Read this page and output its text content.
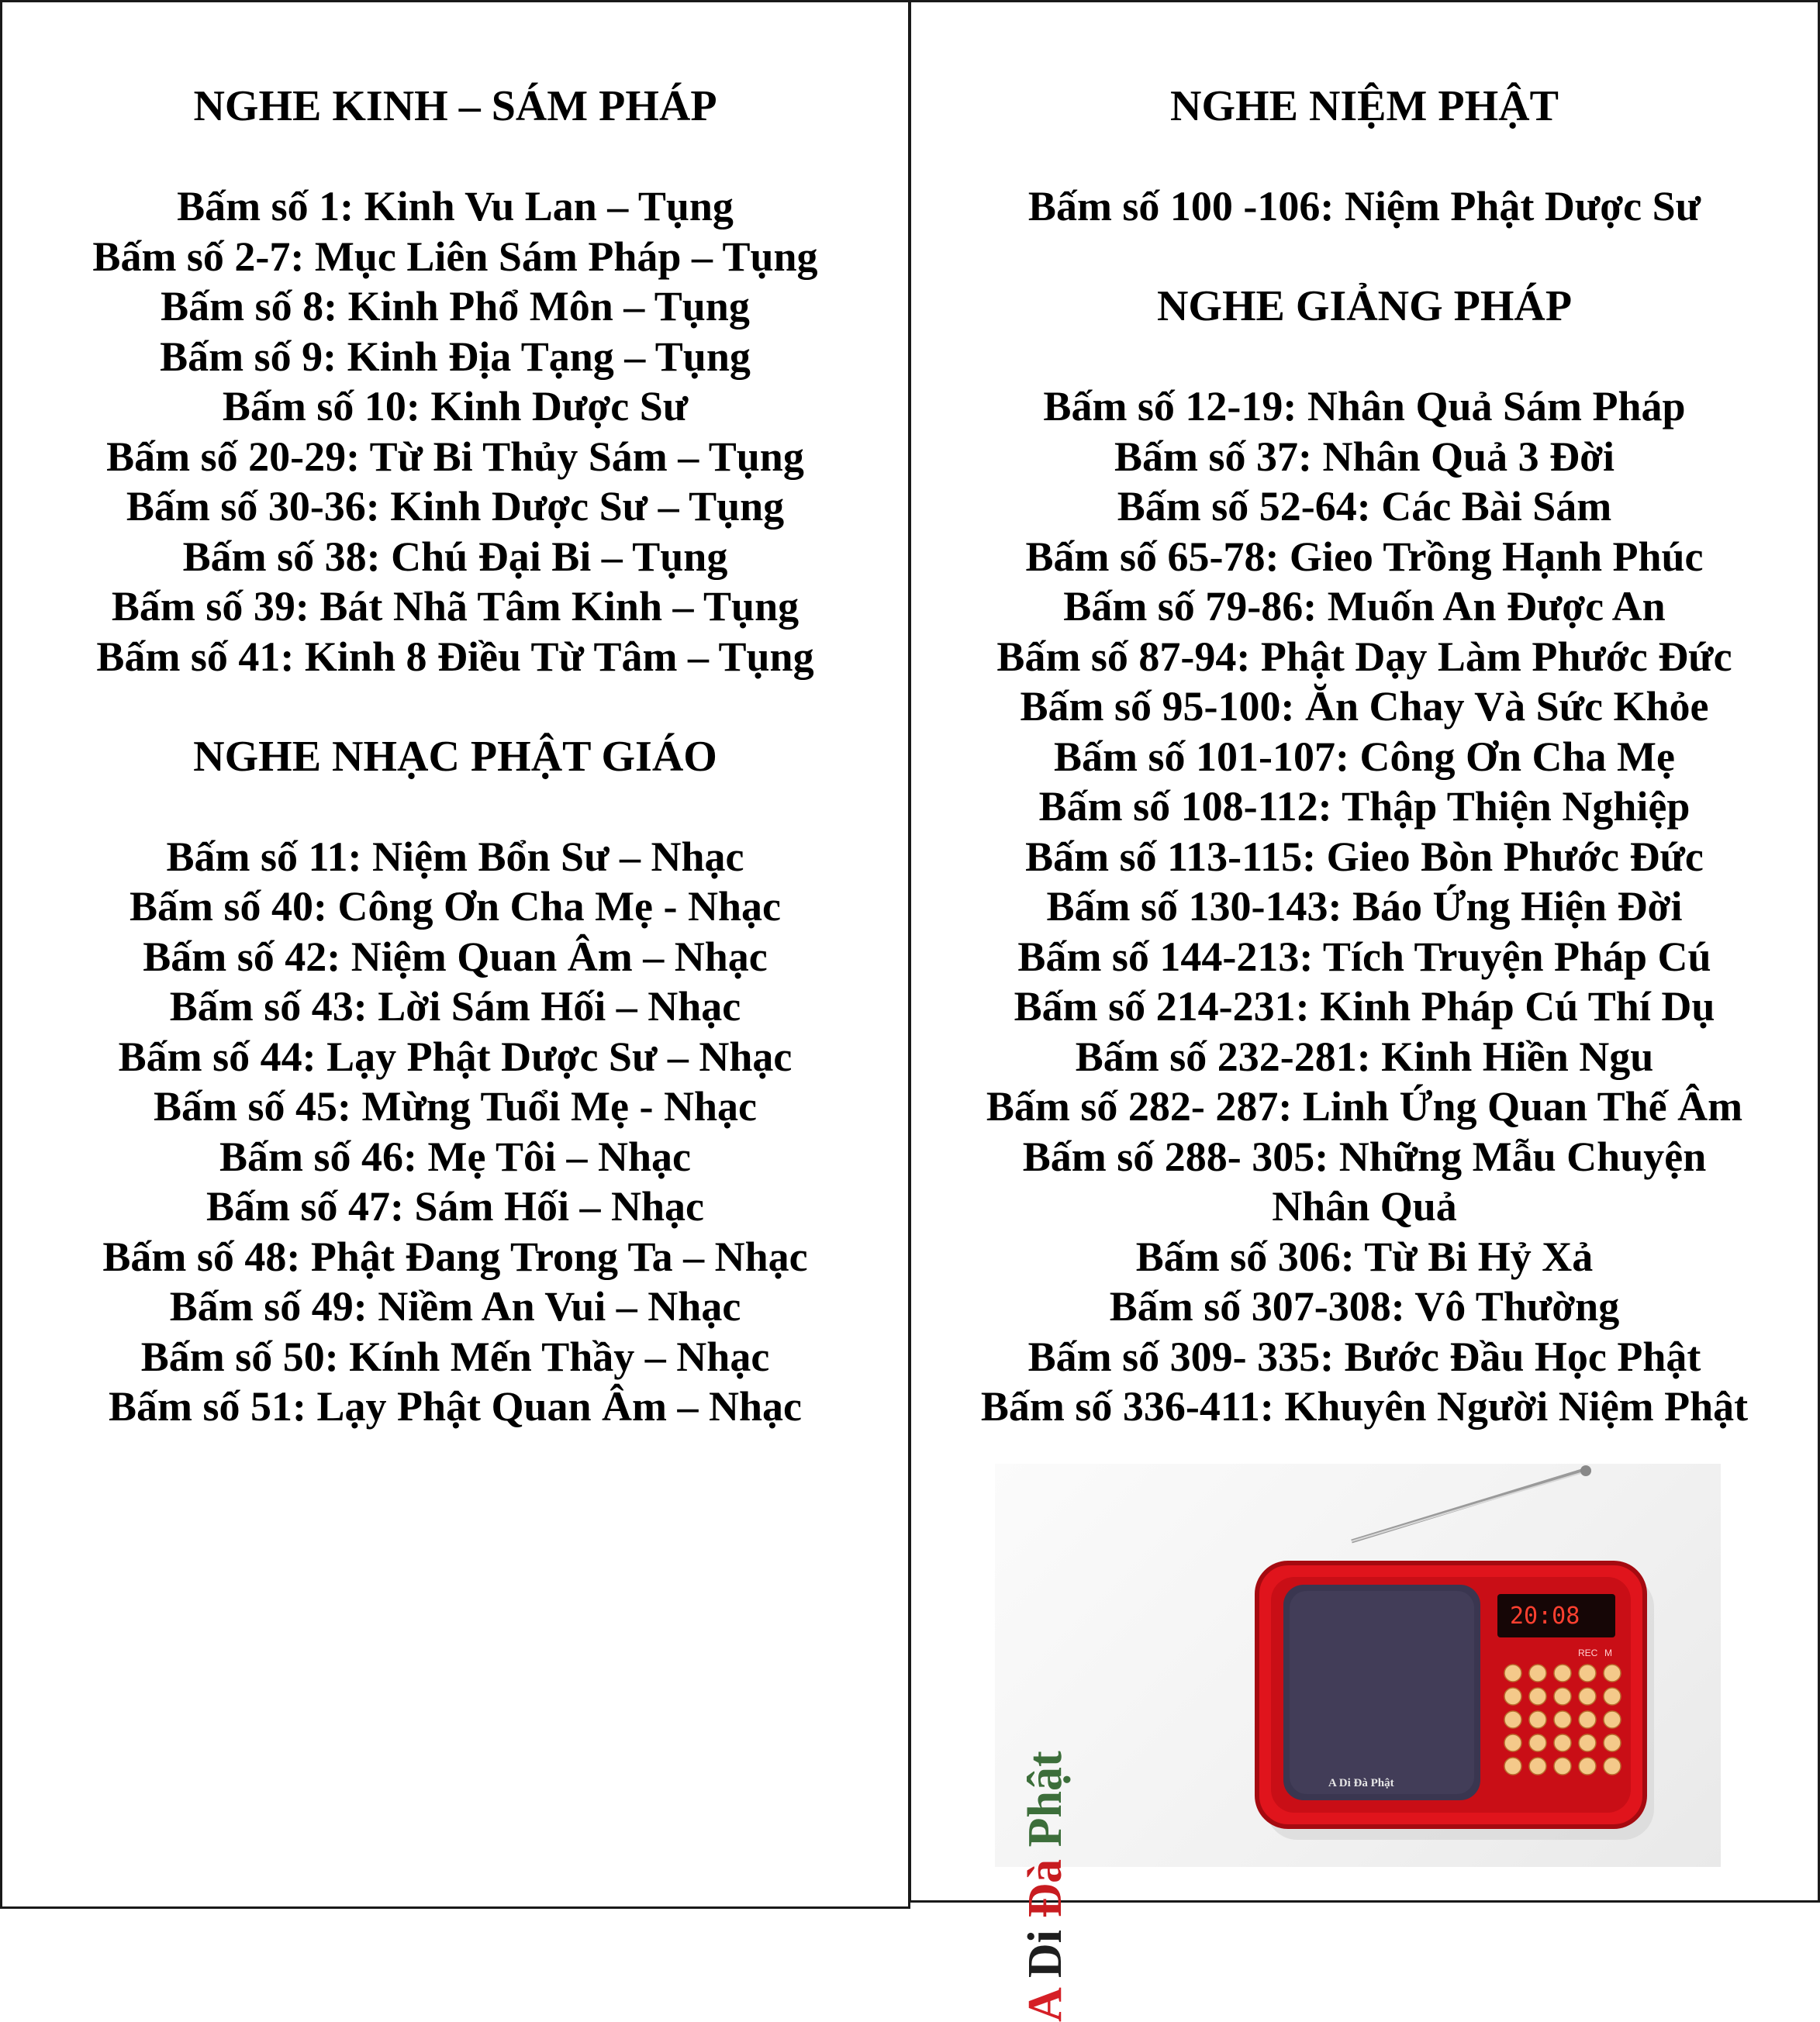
NGHE KINH – SÁM PHÁP
Bấm số 1: Kinh Vu Lan – Tụng
Bấm số 2-7: Mục Liên Sám Pháp – Tụng
Bấm số 8: Kinh Phổ Môn – Tụng
Bấm số 9: Kinh Địa Tạng – Tụng
Bấm số 10: Kinh Dược Sư
Bấm số 20-29: Từ Bi Thủy Sám – Tụng
Bấm số 30-36: Kinh Dược Sư – Tụng
Bấm số 38: Chú Đại Bi – Tụng
Bấm số 39: Bát Nhã Tâm Kinh – Tụng
Bấm số 41: Kinh 8 Điều Từ Tâm – Tụng
NGHE NHẠC PHẬT GIÁO
Bấm số 11: Niệm Bổn Sư – Nhạc
Bấm số 40: Công Ơn Cha Mẹ - Nhạc
Bấm số 42: Niệm Quan Âm – Nhạc
Bấm số 43: Lời Sám Hối – Nhạc
Bấm số 44: Lạy Phật Dược Sư – Nhạc
Bấm số 45: Mừng Tuổi Mẹ - Nhạc
Bấm số 46: Mẹ Tôi – Nhạc
Bấm số 47: Sám Hối – Nhạc
Bấm số 48: Phật Đang Trong Ta – Nhạc
Bấm số 49: Niềm An Vui – Nhạc
Bấm số 50: Kính Mến Thầy – Nhạc
Bấm số 51: Lạy Phật Quan Âm – Nhạc
NGHE NIỆM PHẬT
Bấm số 100 -106: Niệm Phật Dược Sư
NGHE GIẢNG PHÁP
Bấm số 12-19: Nhân Quả Sám Pháp
Bấm số 37: Nhân Quả 3 Đời
Bấm số 52-64: Các Bài Sám
Bấm số 65-78: Gieo Trồng Hạnh Phúc
Bấm số 79-86: Muốn An Được An
Bấm số 87-94: Phật Dạy Làm Phước Đức
Bấm số 95-100: Ăn Chay Và Sức Khỏe
Bấm số 101-107: Công Ơn Cha Mẹ
Bấm số 108-112: Thập Thiện Nghiệp
Bấm số 113-115: Gieo Bòn Phước Đức
Bấm số 130-143: Báo Ứng Hiện Đời
Bấm số 144-213: Tích Truyện Pháp Cú
Bấm số 214-231: Kinh Pháp Cú Thí Dụ
Bấm số 232-281: Kinh Hiền Ngu
Bấm số 282- 287: Linh Ứng Quan Thế Âm
Bấm số 288- 305: Những Mẫu Chuyện
Nhân Quả
Bấm số 306: Từ Bi Hỷ Xả
Bấm số 307-308: Vô Thường
Bấm số 309- 335: Bước Đầu Học Phật
Bấm số 336-411: Khuyên Người Niệm Phật
A Di Đà Phật	A Di Đà Phật
20:08
REC M
